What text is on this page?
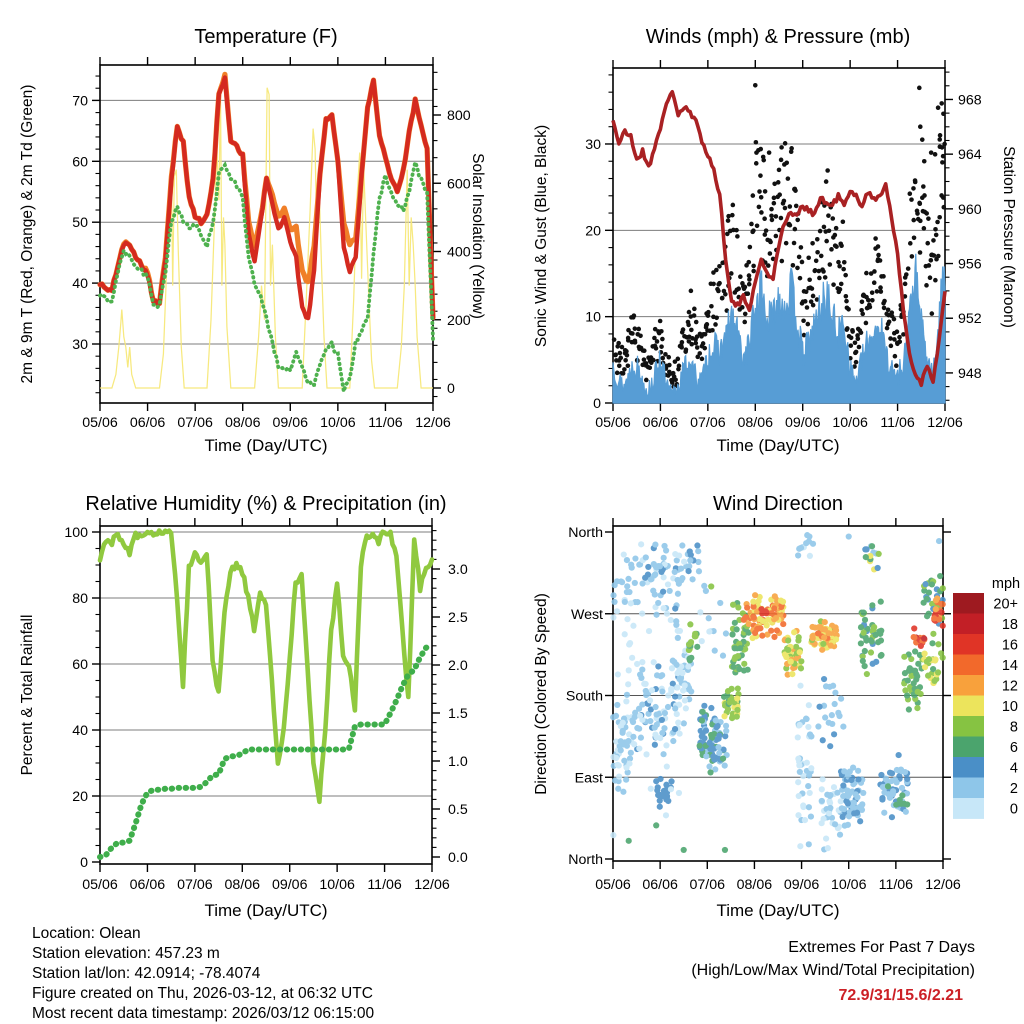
05/06 06/06 07/06 08/06 09/06 10/06 11/06 12/06
30
40
50
60
70
0
200
400
600
800
05/06 06/06 07/06 08/06 09/06 10/06 11/06 12/06
0
10
20
30
948
952
956
960
964
968
05/06 06/06 07/06 08/06 09/06 10/06 11/06 12/06
0
20
40
60
80
100
0.0
0.5
1.0
1.5
2.0
2.5
3.0
05/06 06/06 07/06 08/06 09/06 10/06 11/06 12/06
North
West
South
East
North
20+
18
16
14
12
10
8
6
4
2
0
Temperature (F)	Winds (mph) & Pressure (mb)
Relative Humidity (%) & Precipitation (in)	Wind Direction
Time (Day/UTC)	Time (Day/UTC)
Time (Day/UTC)	Time (Day/UTC)
2m & 9m T (Red, Orange) & 2m Td (Green)	Solar Insolation (Yellow)	Sonic Wind & Gust (Blue, Black)	Station Pressure (Maroon)
Percent & Total Rainfall	Direction (Colored By Speed)
mph
Location: Olean
Station elevation: 457.23 m
Station lat/lon: 42.0914; -78.4074
Figure created on Thu, 2026-03-12, at 06:32 UTC
Most recent data timestamp: 2026/03/12 06:15:00
Extremes For Past 7 Days
(High/Low/Max Wind/Total Precipitation)
72.9/31/15.6/2.21
